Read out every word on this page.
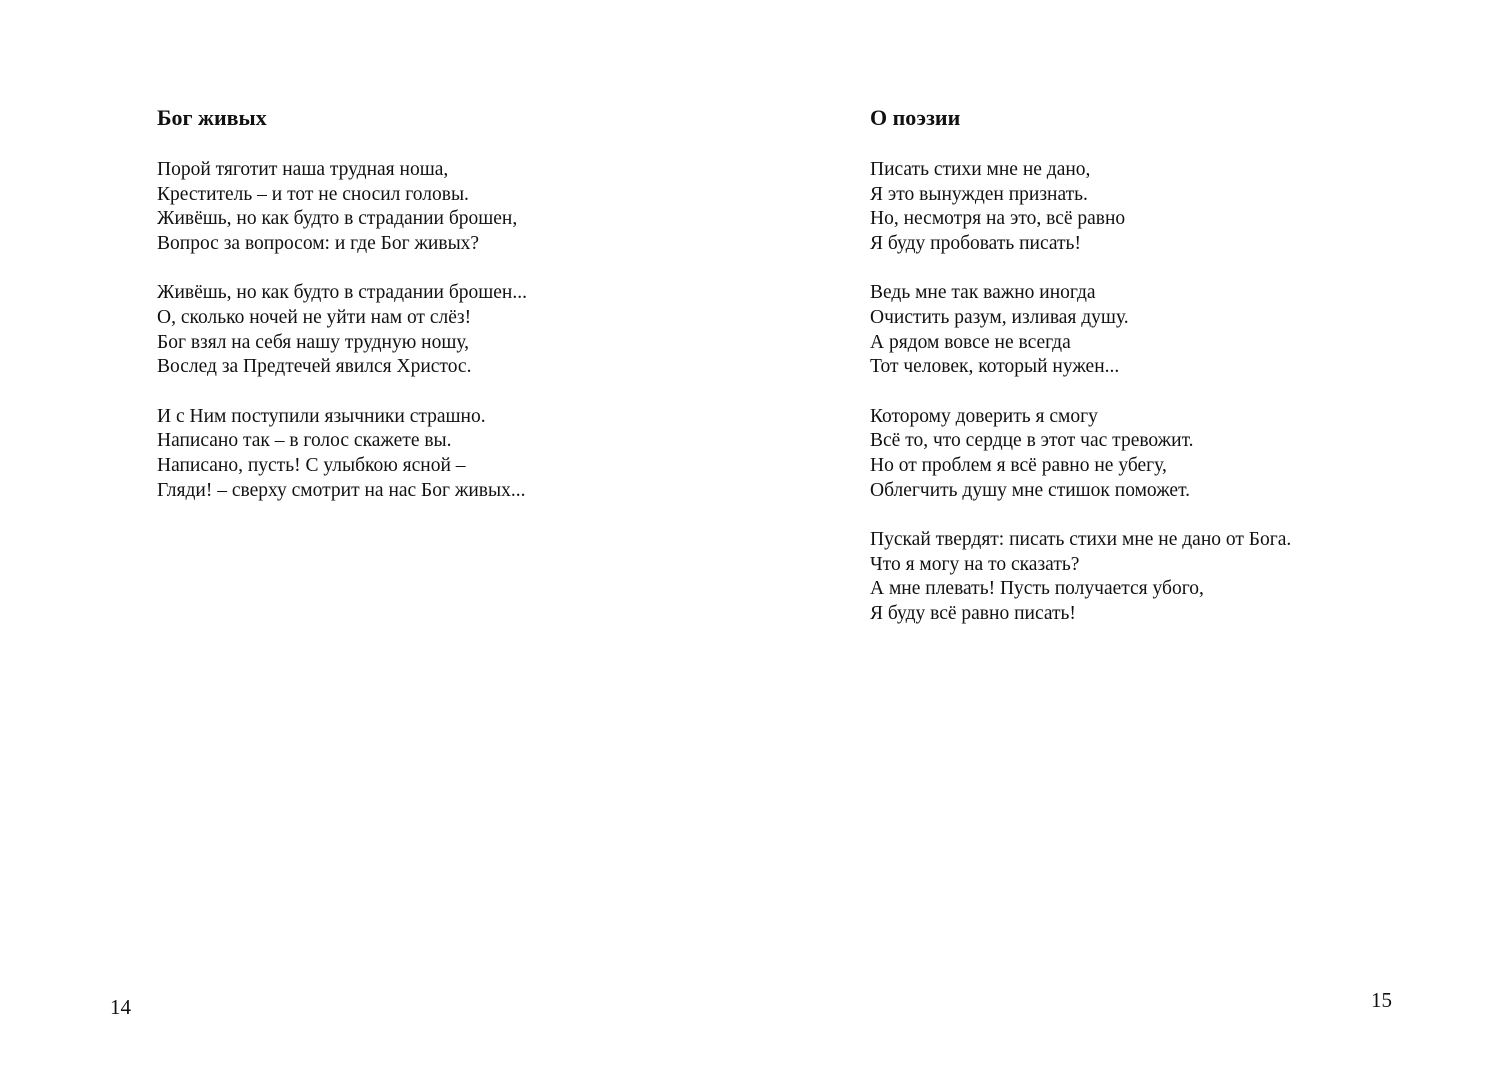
Бог живых
Порой тяготит наша трудная ноша,
Креститель – и тот не сносил головы.
Живёшь, но как будто в страдании брошен,
Вопрос за вопросом: и где Бог живых?
Живёшь, но как будто в страдании брошен...
О, сколько ночей не уйти нам от слёз!
Бог взял на себя нашу трудную ношу,
Вослед за Предтечей явился Христос.
И с Ним поступили язычники страшно.
Написано так – в голос скажете вы.
Написано, пусть! С улыбкою ясной –
Гляди! – сверху смотрит на нас Бог живых...
14
О поэзии
Писать стихи мне не дано,
Я это вынужден признать.
Но, несмотря на это, всё равно
Я буду пробовать писать!
Ведь мне так важно иногда
Очистить разум, изливая душу.
А рядом вовсе не всегда
Тот человек, который нужен...
Которому доверить я смогу
Всё то, что сердце в этот час тревожит.
Но от проблем я всё равно не убегу,
Облегчить душу мне стишок поможет.
Пускай твердят: писать стихи мне не дано от Бога.
Что я могу на то сказать?
А мне плевать! Пусть получается убого,
Я буду всё равно писать!
15
